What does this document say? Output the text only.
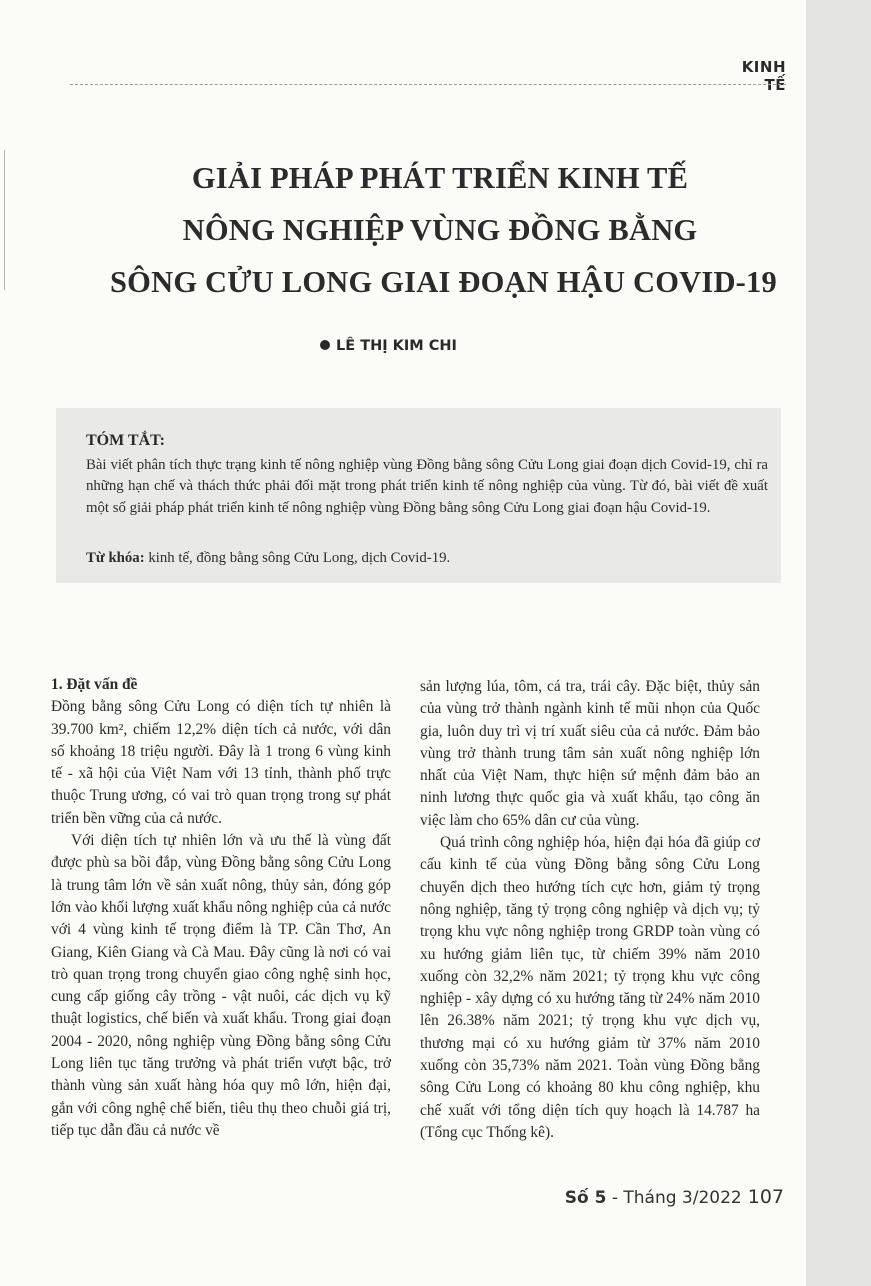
KINH TẾ
GIẢI PHÁP PHÁT TRIỂN KINH TẾ
NÔNG NGHIỆP VÙNG ĐỒNG BẰNG
SÔNG CỬU LONG GIAI ĐOẠN HẬU COVID-19
LÊ THỊ KIM CHI
TÓM TẮT:
Bài viết phân tích thực trạng kinh tế nông nghiệp vùng Đồng bằng sông Cửu Long giai đoạn dịch Covid-19, chỉ ra những hạn chế và thách thức phải đối mặt trong phát triển kinh tế nông nghiệp của vùng. Từ đó, bài viết đề xuất một số giải pháp phát triển kinh tế nông nghiệp vùng Đồng bằng sông Cửu Long giai đoạn hậu Covid-19.
Từ khóa: kinh tế, đồng bằng sông Cửu Long, dịch Covid-19.
1. Đặt vấn đề

Đồng bằng sông Cửu Long có diện tích tự nhiên là 39.700 km², chiếm 12,2% diện tích cả nước, với dân số khoảng 18 triệu người. Đây là 1 trong 6 vùng kinh tế - xã hội của Việt Nam với 13 tỉnh, thành phố trực thuộc Trung ương, có vai trò quan trọng trong sự phát triển bền vững của cả nước.

Với diện tích tự nhiên lớn và ưu thế là vùng đất được phù sa bồi đắp, vùng Đồng bằng sông Cửu Long là trung tâm lớn về sản xuất nông, thủy sản, đóng góp lớn vào khối lượng xuất khẩu nông nghiệp của cả nước với 4 vùng kinh tế trọng điểm là TP. Cần Thơ, An Giang, Kiên Giang và Cà Mau. Đây cũng là nơi có vai trò quan trọng trong chuyển giao công nghệ sinh học, cung cấp giống cây trồng - vật nuôi, các dịch vụ kỹ thuật logistics, chế biến và xuất khẩu. Trong giai đoạn 2004 - 2020, nông nghiệp vùng Đồng bằng sông Cửu Long liên tục tăng trưởng và phát triển vượt bậc, trở thành vùng sản xuất hàng hóa quy mô lớn, hiện đại, gắn với công nghệ chế biến, tiêu thụ theo chuỗi giá trị, tiếp tục dẫn đầu cả nước về

sản lượng lúa, tôm, cá tra, trái cây. Đặc biệt, thủy sản của vùng trở thành ngành kinh tế mũi nhọn của Quốc gia, luôn duy trì vị trí xuất siêu của cả nước. Đảm bảo vùng trở thành trung tâm sản xuất nông nghiệp lớn nhất của Việt Nam, thực hiện sứ mệnh đảm bảo an ninh lương thực quốc gia và xuất khẩu, tạo công ăn việc làm cho 65% dân cư của vùng.

Quá trình công nghiệp hóa, hiện đại hóa đã giúp cơ cấu kinh tế của vùng Đồng bằng sông Cửu Long chuyển dịch theo hướng tích cực hơn, giảm tỷ trọng nông nghiệp, tăng tỷ trọng công nghiệp và dịch vụ; tỷ trọng khu vực nông nghiệp trong GRDP toàn vùng có xu hướng giảm liên tục, từ chiếm 39% năm 2010 xuống còn 32,2% năm 2021; tỷ trọng khu vực công nghiệp - xây dựng có xu hướng tăng từ 24% năm 2010 lên 26.38% năm 2021; tỷ trọng khu vực dịch vụ, thương mại có xu hướng giảm từ 37% năm 2010 xuống còn 35,73% năm 2021. Toàn vùng Đồng bằng sông Cửu Long có khoảng 80 khu công nghiệp, khu chế xuất với tổng diện tích quy hoạch là 14.787 ha (Tổng cục Thống kê).

Số 5 - Tháng 3/2022 107
